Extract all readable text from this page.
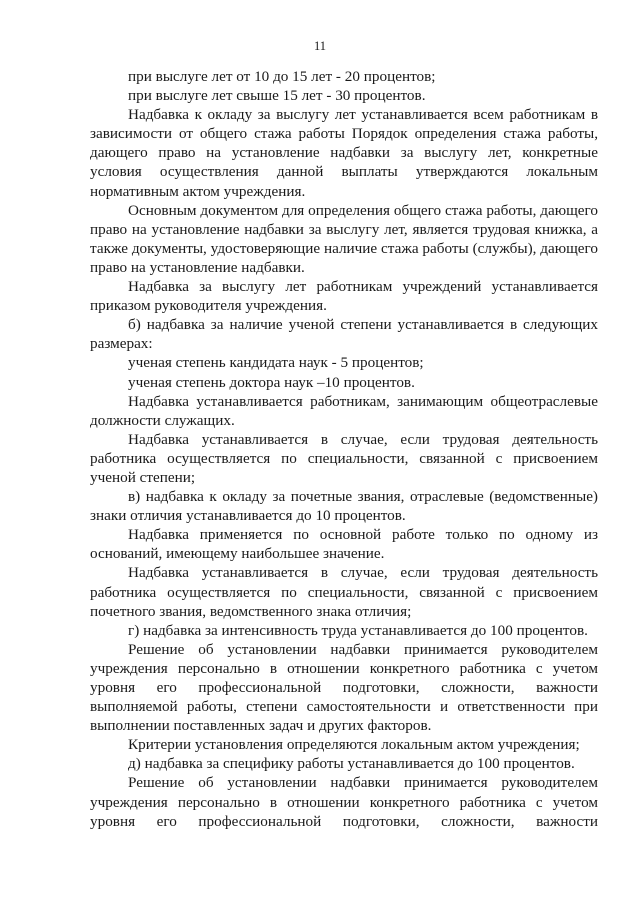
11

при выслуге лет от 10 до 15 лет - 20 процентов;

при выслуге лет свыше 15 лет - 30 процентов.

Надбавка к окладу за выслугу лет устанавливается всем работникам в зависимости от общего стажа работы Порядок определения стажа работы, дающего право на установление надбавки за выслугу лет, конкретные условия осуществления данной выплаты утверждаются локальным нормативным актом учреждения.

Основным документом для определения общего стажа работы, дающего право на установление надбавки за выслугу лет, является трудовая книжка, а также документы, удостоверяющие наличие стажа работы (службы), дающего право на установление надбавки.

Надбавка за выслугу лет работникам учреждений устанавливается приказом руководителя учреждения.

б) надбавка за наличие ученой степени устанавливается в следующих размерах:

ученая степень кандидата наук - 5 процентов;

ученая степень доктора наук –10 процентов.

Надбавка устанавливается работникам, занимающим общеотраслевые должности служащих.

Надбавка устанавливается в случае, если трудовая деятельность работника осуществляется по специальности, связанной с присвоением ученой степени;

в) надбавка к окладу за почетные звания, отраслевые (ведомственные) знаки отличия устанавливается до 10 процентов.

Надбавка применяется по основной работе только по одному из оснований, имеющему наибольшее значение.

Надбавка устанавливается в случае, если трудовая деятельность работника осуществляется по специальности, связанной с присвоением почетного звания, ведомственного знака отличия;

г) надбавка за интенсивность труда устанавливается до 100 процентов.

Решение об установлении надбавки принимается руководителем учреждения персонально в отношении конкретного работника с учетом уровня его профессиональной подготовки, сложности, важности выполняемой работы, степени самостоятельности и ответственности при выполнении поставленных задач и других факторов.

Критерии установления определяются локальным актом учреждения;

д) надбавка за специфику работы устанавливается до 100 процентов.

Решение об установлении надбавки принимается руководителем учреждения персонально в отношении конкретного работника с учетом уровня его профессиональной подготовки, сложности, важности
